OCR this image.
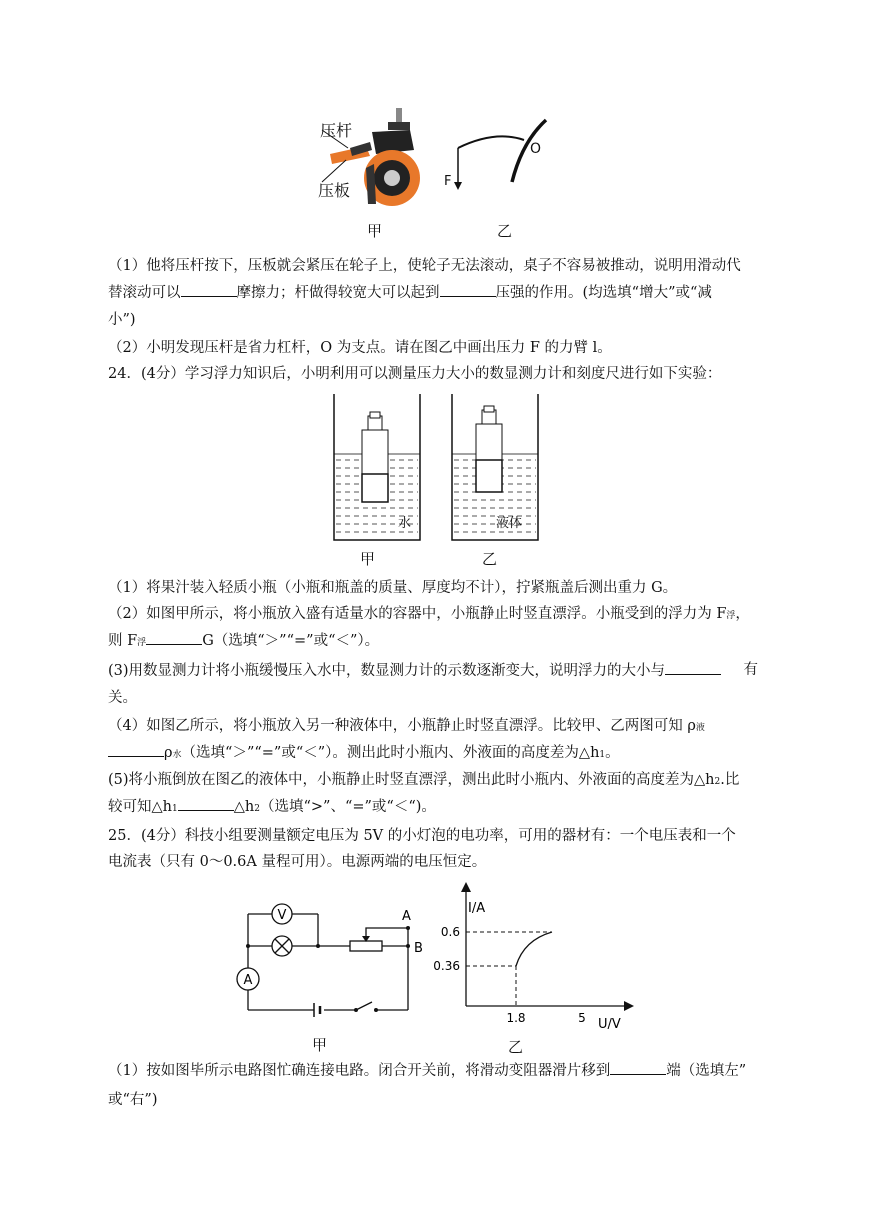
压杆
压板	F
O
甲	乙
（1）他将压杆按下，压板就会紧压在轮子上，使轮子无法滚动，桌子不容易被推动，说明用滑动代
替滚动可以	摩擦力；杆做得较宽大可以起到	压强的作用。(均选填“增大”或“减
小”)
（2）小明发现压杆是省力杠杆，O 为支点。请在图乙中画出压力 F 的力臂 l。
24．(4分）学习浮力知识后，小明利用可以测量压力大小的数显测力计和刻度尺进行如下实验：
水	液体
甲	乙
（1）将果汁装入轻质小瓶（小瓶和瓶盖的质量、厚度均不计），拧紧瓶盖后测出重力 G。
（2）如图甲所示，将小瓶放入盛有适量水的容器中，小瓶静止时竖直漂浮。小瓶受到的浮力为 F浮，
则 F浮	G（选填“＞”“=”或“＜”）。
(3)用数显测力计将小瓶缓慢压入水中，数显测力计的示数逐渐变大，说明浮力的大小与	有
关。
（4）如图乙所示，将小瓶放入另一种液体中，小瓶静止时竖直漂浮。比较甲、乙两图可知 ρ液
ρ水（选填“＞”“=”或“＜”）。测出此时小瓶内、外液面的高度差为△h1。
(5)将小瓶倒放在图乙的液体中，小瓶静止时竖直漂浮，测出此时小瓶内、外液面的高度差为△h2.比
较可知△h1	△h2（选填“>”、“=”或“＜“)。
25．(4分）科技小组要测量额定电压为 5V 的小灯泡的电功率，可用的器材有：一个电压表和一个
电流表（只有 0～0.6A 量程可用）。电源两端的电压恒定。
V
A
A
B
甲
I/A
U/V
0.6
0.36
1.8	5
乙
（1）按如图毕所示电路图忙确连接电路。闭合开关前，将滑动变阻器滑片移到	端（选填左”
或“右”)
